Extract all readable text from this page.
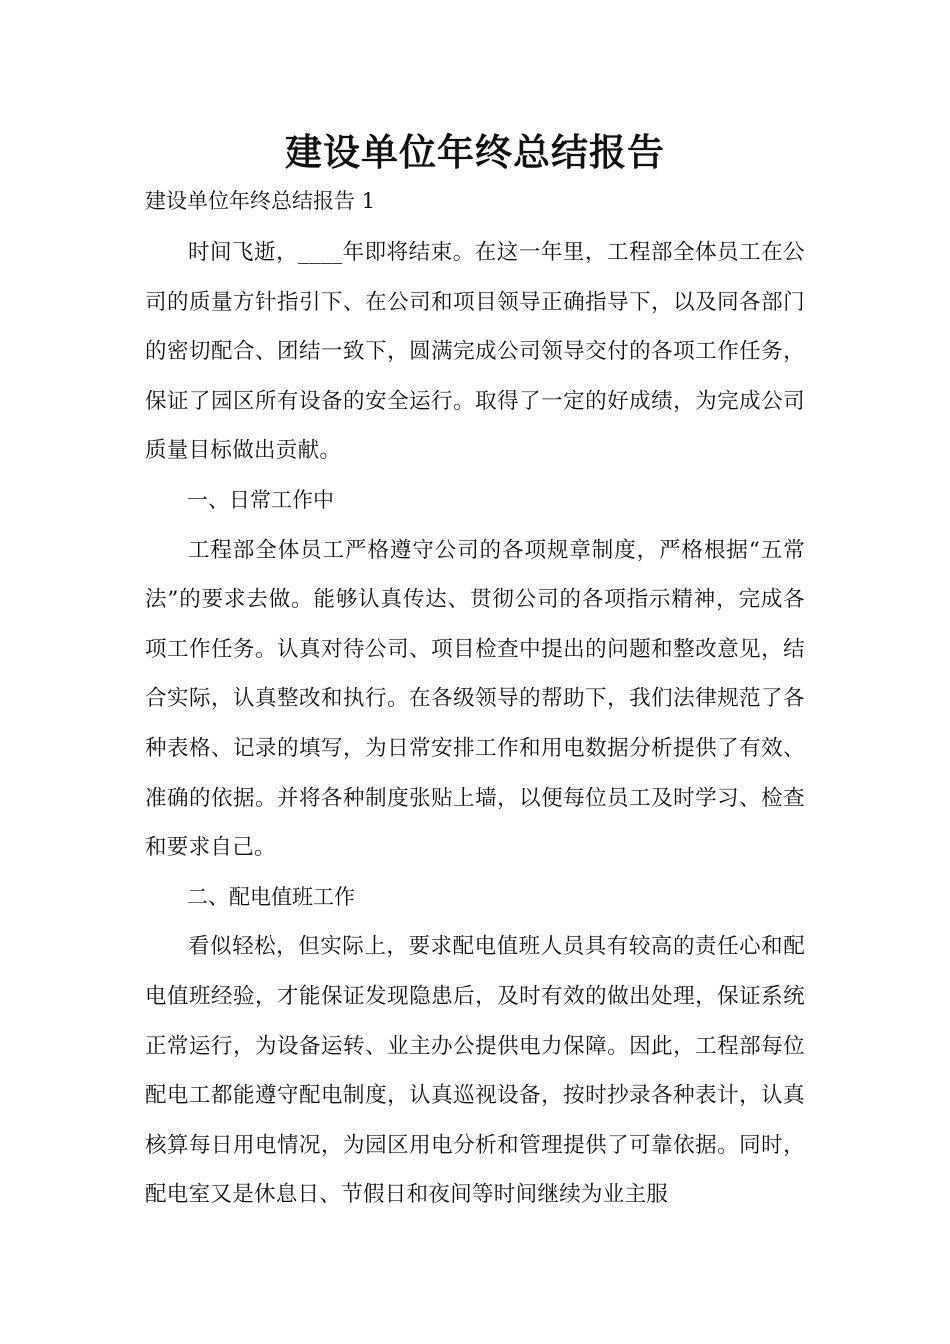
建设单位年终总结报告
建设单位年终总结报告 1

时间飞逝，____年即将结束。在这一年里，工程部全体员工在公司的质量方针指引下、在公司和项目领导正确指导下，以及同各部门的密切配合、团结一致下，圆满完成公司领导交付的各项工作任务，保证了园区所有设备的安全运行。取得了一定的好成绩，为完成公司质量目标做出贡献。

一、日常工作中

工程部全体员工严格遵守公司的各项规章制度，严格根据“五常法”的要求去做。能够认真传达、贯彻公司的各项指示精神，完成各项工作任务。认真对待公司、项目检查中提出的问题和整改意见，结合实际，认真整改和执行。在各级领导的帮助下，我们法律规范了各种表格、记录的填写，为日常安排工作和用电数据分析提供了有效、准确的依据。并将各种制度张贴上墙，以便每位员工及时学习、检查和要求自己。

二、配电值班工作

看似轻松，但实际上，要求配电值班人员具有较高的责任心和配电值班经验，才能保证发现隐患后，及时有效的做出处理，保证系统正常运行，为设备运转、业主办公提供电力保障。因此，工程部每位配电工都能遵守配电制度，认真巡视设备，按时抄录各种表计，认真核算每日用电情况，为园区用电分析和管理提供了可靠依据。同时，配电室又是休息日、节假日和夜间等时间继续为业主服
